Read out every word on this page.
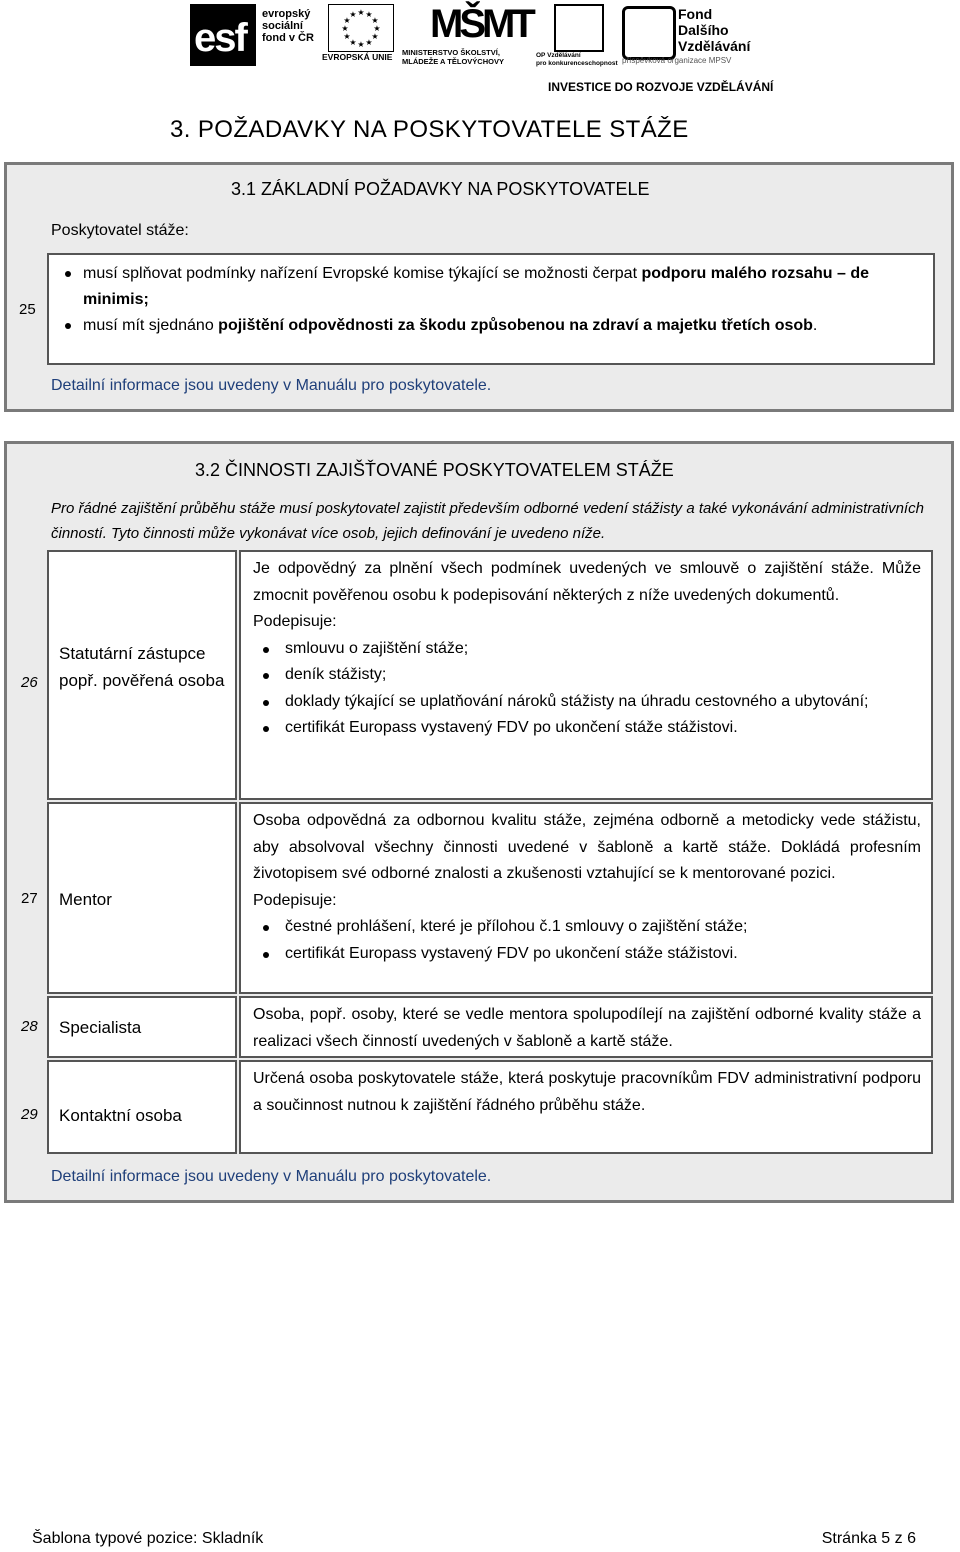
esf
evropský
sociální
fond v ČR
★ ★
★
★
★
★
★
★
★
★
★
★
EVROPSKÁ UNIE
MŠMT
MINISTERSTVO ŠKOLSTVÍ,
MLÁDEŽE A TĚLOVÝCHOVY
OP Vzdělávání
pro konkurenceschopnost
Fond
Dalšího
Vzdělávání
příspěvková organizace MPSV
INVESTICE DO ROZVOJE VZDĚLÁVÁNÍ
3. POŽADAVKY NA POSKYTOVATELE STÁŽE
3.1 ZÁKLADNÍ POŽADAVKY NA POSKYTOVATELE
Poskytovatel stáže:
25
musí splňovat podmínky nařízení Evropské komise týkající se možnosti čerpat podporu malého rozsahu – de minimis;
musí mít sjednáno pojištění odpovědnosti za škodu způsobenou na zdraví a majetku třetích osob.
Detailní informace jsou uvedeny v Manuálu pro poskytovatele.
3.2 ČINNOSTI ZAJIŠŤOVANÉ POSKYTOVATELEM STÁŽE
Pro řádné zajištění průběhu stáže musí poskytovatel zajistit především odborné vedení stážisty a také vykonávání administrativních činností. Tyto činnosti může vykonávat více osob, jejich definování je uvedeno níže.
26
Statutární zástupce popř. pověřená osoba
Je odpovědný za plnění všech podmínek uvedených ve smlouvě o zajištění stáže. Může zmocnit pověřenou osobu k podepisování některých z níže uvedených dokumentů.
Podepisuje:
smlouvu o zajištění stáže;
deník stážisty;
doklady týkající se uplatňování nároků stážisty na úhradu cestovného a ubytování;
certifikát Europass vystavený FDV po ukončení stáže stážistovi.
27 Mentor
Osoba odpovědná za odbornou kvalitu stáže, zejména odborně a metodicky vede stážistu, aby absolvoval všechny činnosti uvedené v šabloně a kartě stáže. Dokládá profesním životopisem své odborné znalosti a zkušenosti vztahující se k mentorované pozici.
Podepisuje:
čestné prohlášení, které je přílohou č.1 smlouvy o zajištění stáže;
certifikát Europass vystavený FDV po ukončení stáže stážistovi.
28 Specialista
Osoba, popř. osoby, které se vedle mentora spolupodílejí na zajištění odborné kvality stáže a realizaci všech činností uvedených v šabloně a kartě stáže.
29 Kontaktní osoba
Určená osoba poskytovatele stáže, která poskytuje pracovníkům FDV administrativní podporu a součinnost nutnou k zajištění řádného průběhu stáže.
Detailní informace jsou uvedeny v Manuálu pro poskytovatele.
Šablona typové pozice: Skladník	Stránka 5 z 6
